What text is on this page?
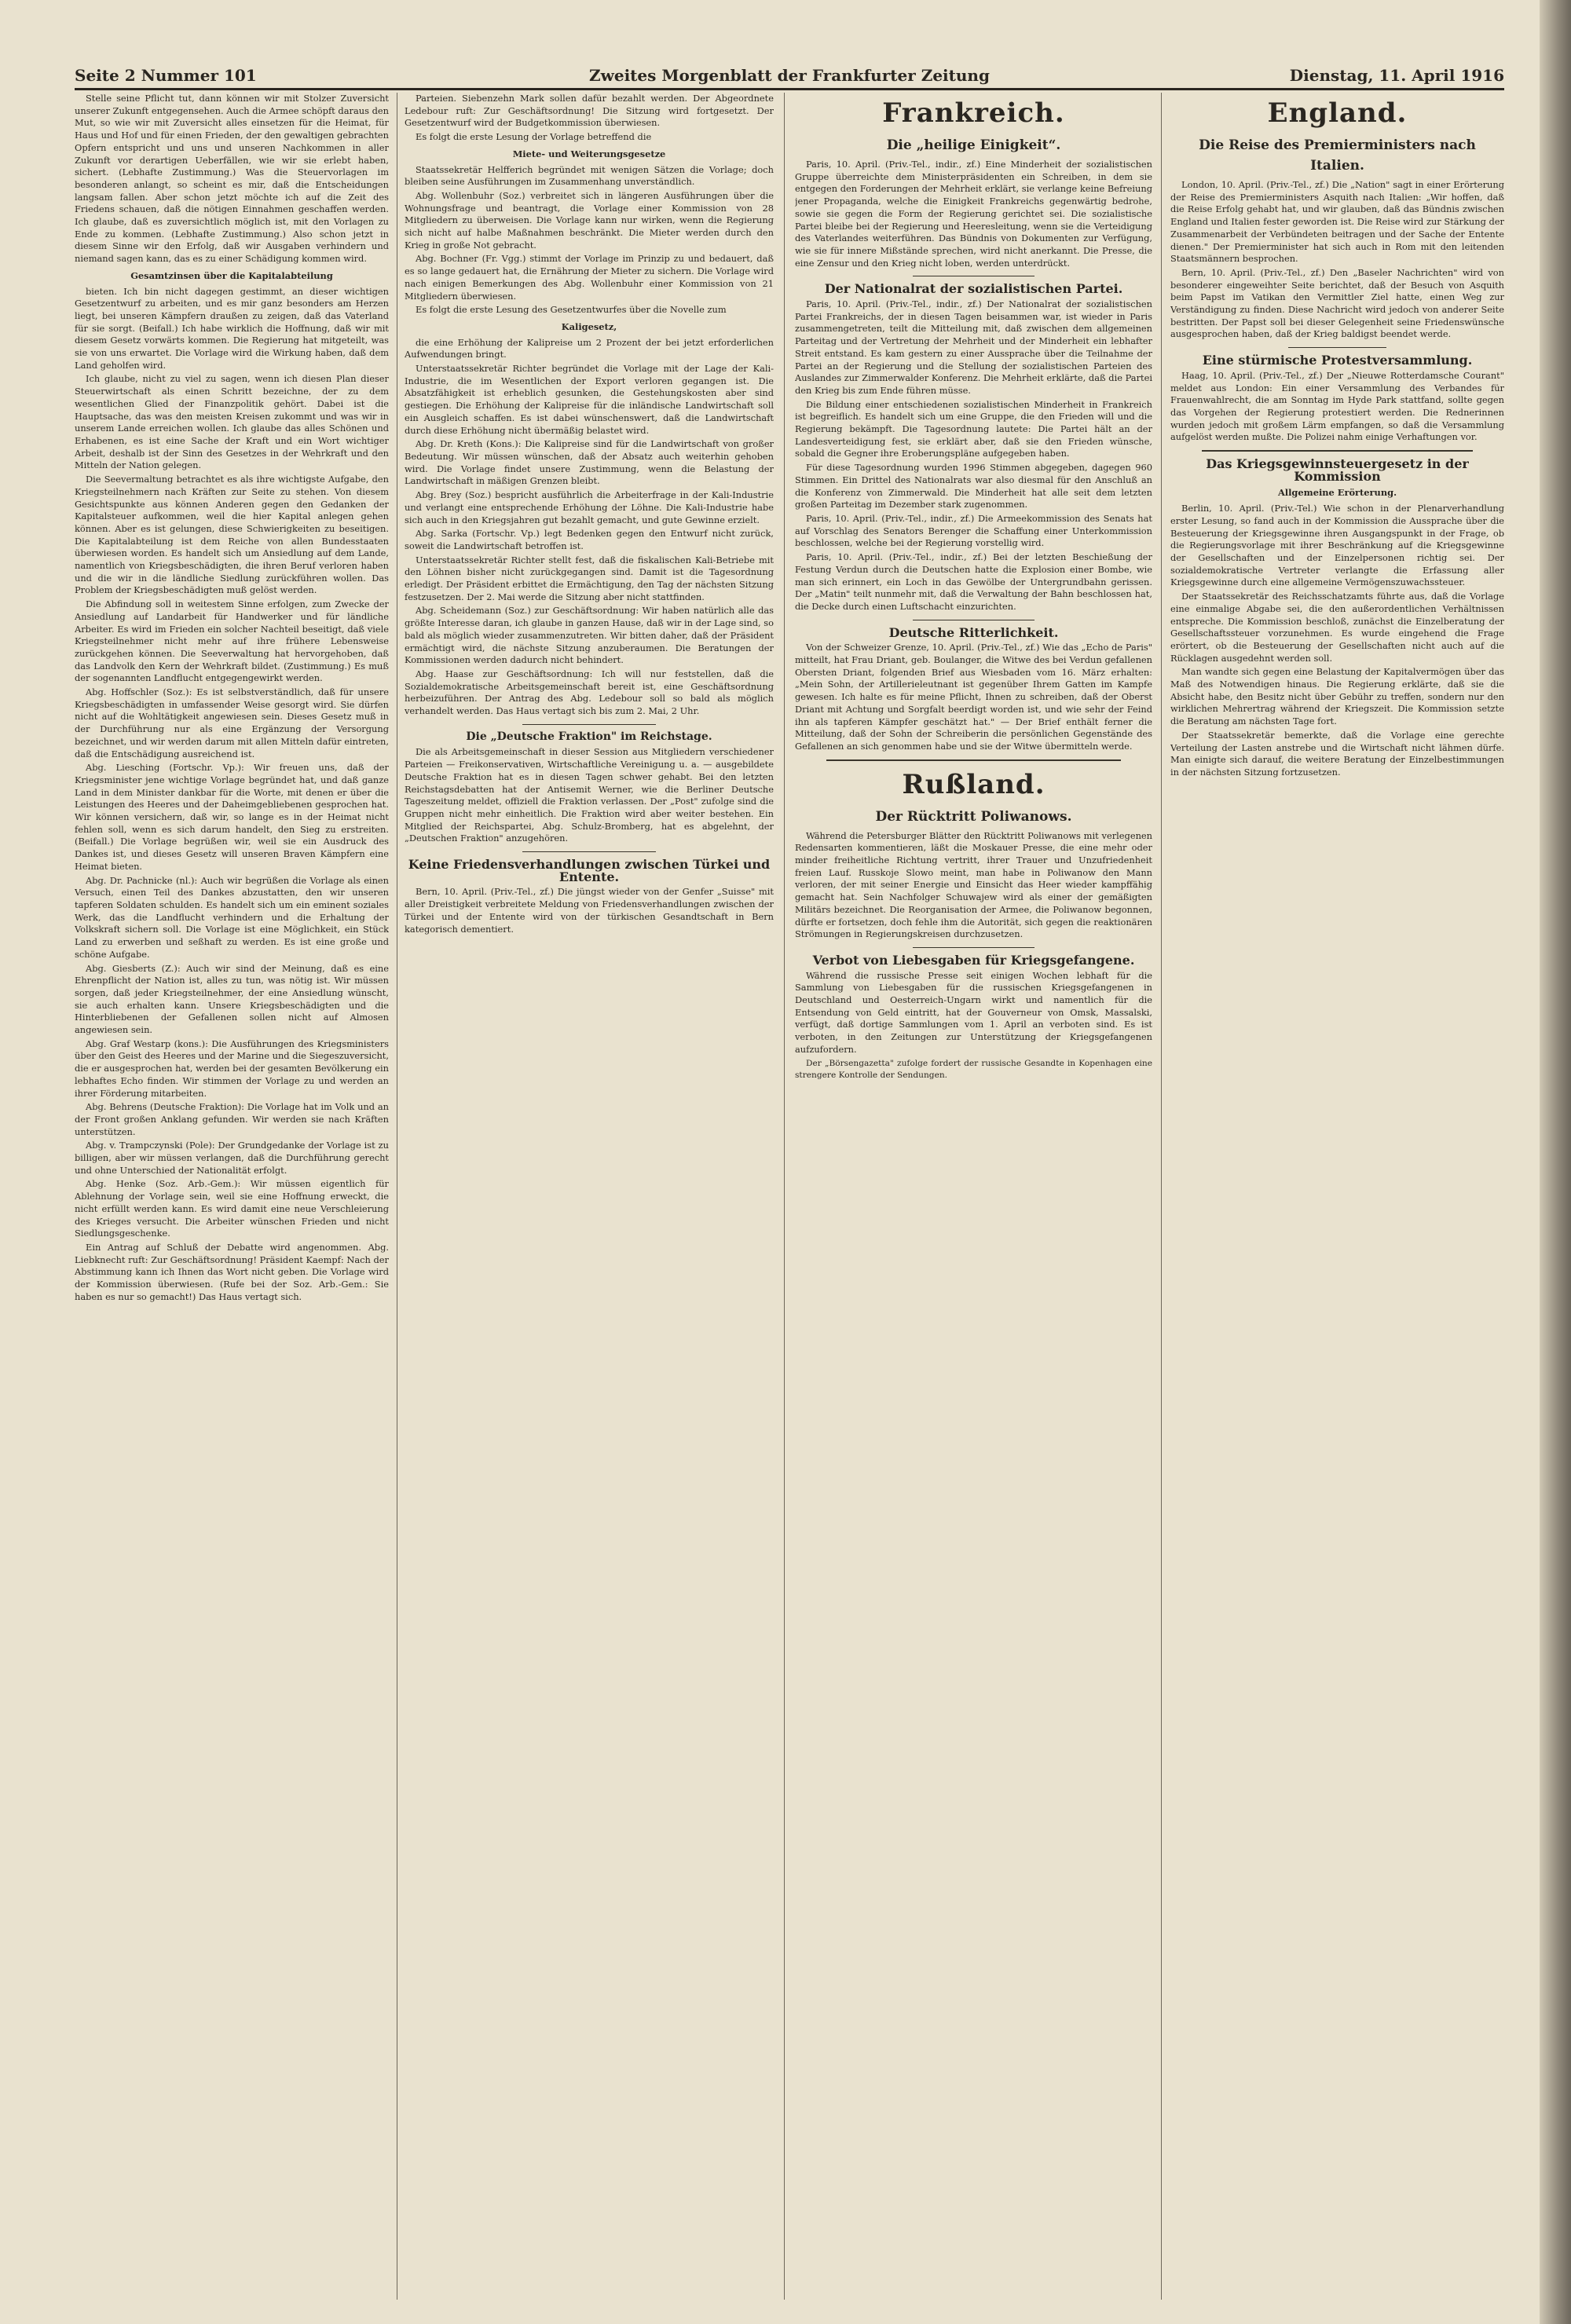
Seite 2 Nummer 101	Zweites Morgenblatt der Frankfurter Zeitung	Dienstag, 11. April 1916

Stelle seine Pflicht tut, dann können wir mit Stolzer Zuversicht unserer Zukunft entgegensehen. Auch die Armee schöpft daraus den Mut, so wie wir mit Zuversicht alles einsetzen für die Heimat, für Haus und Hof und für einen Frieden, der den gewaltigen gebrachten Opfern entspricht und uns und unseren Nachkommen in aller Zukunft vor derartigen Ueberfällen, wie wir sie erlebt haben, sichert. (Lebhafte Zustimmung.) Was die Steuervorlagen im besonderen anlangt, so scheint es mir, daß die Entscheidungen langsam fallen. Aber schon jetzt möchte ich auf die Zeit des Friedens schauen, daß die nötigen Einnahmen geschaffen werden. Ich glaube, daß es zuversichtlich möglich ist, mit den Vorlagen zu Ende zu kommen. (Lebhafte Zustimmung.) Also schon jetzt in diesem Sinne wir den Erfolg, daß wir Ausgaben verhindern und niemand sagen kann, das es zu einer Schädigung kommen wird.

Gesamtzinsen über die Kapitalabteilung

bieten. Ich bin nicht dagegen gestimmt, an dieser wichtigen Gesetzentwurf zu arbeiten, und es mir ganz besonders am Herzen liegt, bei unseren Kämpfern draußen zu zeigen, daß das Vaterland für sie sorgt. (Beifall.) Ich habe wirklich die Hoffnung, daß wir mit diesem Gesetz vorwärts kommen. Die Regierung hat mitgeteilt, was sie von uns erwartet. Die Vorlage wird die Wirkung haben, daß dem Land geholfen wird.

Ich glaube, nicht zu viel zu sagen, wenn ich diesen Plan dieser Steuerwirtschaft als einen Schritt bezeichne, der zu dem wesentlichen Glied der Finanzpolitik gehört. Dabei ist die Hauptsache, das was den meisten Kreisen zukommt und was wir in unserem Lande erreichen wollen. Ich glaube das alles Schönen und Erhabenen, es ist eine Sache der Kraft und ein Wort wichtiger Arbeit, deshalb ist der Sinn des Gesetzes in der Wehrkraft und den Mitteln der Nation gelegen.

Die Seevermaltung betrachtet es als ihre wichtigste Aufgabe, den Kriegsteilnehmern nach Kräften zur Seite zu stehen. Von diesem Gesichtspunkte aus können Anderen gegen den Gedanken der Kapitalsteuer aufkommen, weil die hier Kapital anlegen gehen können. Aber es ist gelungen, diese Schwierigkeiten zu beseitigen. Die Kapitalabteilung ist dem Reiche von allen Bundesstaaten überwiesen worden. Es handelt sich um Ansiedlung auf dem Lande, namentlich von Kriegsbeschädigten, die ihren Beruf verloren haben und die wir in die ländliche Siedlung zurückführen wollen. Das Problem der Kriegsbeschädigten muß gelöst werden.

Die Abfindung soll in weitestem Sinne erfolgen, zum Zwecke der Ansiedlung auf Landarbeit für Handwerker und für ländliche Arbeiter. Es wird im Frieden ein solcher Nachteil beseitigt, daß viele Kriegsteilnehmer nicht mehr auf ihre frühere Lebensweise zurückgehen können. Die Seeverwaltung hat hervorgehoben, daß das Landvolk den Kern der Wehrkraft bildet. (Zustimmung.) Es muß der sogenannten Landflucht entgegengewirkt werden.

Abg. Hoffschler (Soz.): Es ist selbstverständlich, daß für unsere Kriegsbeschädigten in umfassender Weise gesorgt wird. Sie dürfen nicht auf die Wohltätigkeit angewiesen sein. Dieses Gesetz muß in der Durchführung nur als eine Ergänzung der Versorgung bezeichnet, und wir werden darum mit allen Mitteln dafür eintreten, daß die Entschädigung ausreichend ist.

Abg. Liesching (Fortschr. Vp.): Wir freuen uns, daß der Kriegsminister jene wichtige Vorlage begründet hat, und daß ganze Land in dem Minister dankbar für die Worte, mit denen er über die Leistungen des Heeres und der Daheimgebliebenen gesprochen hat. Wir können versichern, daß wir, so lange es in der Heimat nicht fehlen soll, wenn es sich darum handelt, den Sieg zu erstreiten. (Beifall.) Die Vorlage begrüßen wir, weil sie ein Ausdruck des Dankes ist, und dieses Gesetz will unseren Braven Kämpfern eine Heimat bieten.

Abg. Dr. Pachnicke (nl.): Auch wir begrüßen die Vorlage als einen Versuch, einen Teil des Dankes abzustatten, den wir unseren tapferen Soldaten schulden. Es handelt sich um ein eminent soziales Werk, das die Landflucht verhindern und die Erhaltung der Volkskraft sichern soll. Die Vorlage ist eine Möglichkeit, ein Stück Land zu erwerben und seßhaft zu werden. Es ist eine große und schöne Aufgabe.

Abg. Giesberts (Z.): Auch wir sind der Meinung, daß es eine Ehrenpflicht der Nation ist, alles zu tun, was nötig ist. Wir müssen sorgen, daß jeder Kriegsteilnehmer, der eine Ansiedlung wünscht, sie auch erhalten kann. Unsere Kriegsbeschädigten und die Hinterbliebenen der Gefallenen sollen nicht auf Almosen angewiesen sein.

Abg. Graf Westarp (kons.): Die Ausführungen des Kriegsministers über den Geist des Heeres und der Marine und die Siegeszuversicht, die er ausgesprochen hat, werden bei der gesamten Bevölkerung ein lebhaftes Echo finden. Wir stimmen der Vorlage zu und werden an ihrer Förderung mitarbeiten.

Abg. Behrens (Deutsche Fraktion): Die Vorlage hat im Volk und an der Front großen Anklang gefunden. Wir werden sie nach Kräften unterstützen.

Abg. v. Trampczynski (Pole): Der Grundgedanke der Vorlage ist zu billigen, aber wir müssen verlangen, daß die Durchführung gerecht und ohne Unterschied der Nationalität erfolgt.

Abg. Henke (Soz. Arb.-Gem.): Wir müssen eigentlich für Ablehnung der Vorlage sein, weil sie eine Hoffnung erweckt, die nicht erfüllt werden kann. Es wird damit eine neue Verschleierung des Krieges versucht. Die Arbeiter wünschen Frieden und nicht Siedlungsgeschenke.

Ein Antrag auf Schluß der Debatte wird angenommen. Abg. Liebknecht ruft: Zur Geschäftsordnung! Präsident Kaempf: Nach der Abstimmung kann ich Ihnen das Wort nicht geben. Die Vorlage wird der Kommission überwiesen. (Rufe bei der Soz. Arb.-Gem.: Sie haben es nur so gemacht!) Das Haus vertagt sich.

Parteien. Siebenzehn Mark sollen dafür bezahlt werden. Der Abgeordnete Ledebour ruft: Zur Geschäftsordnung! Die Sitzung wird fortgesetzt. Der Gesetzentwurf wird der Budgetkommission überwiesen.

Es folgt die erste Lesung der Vorlage betreffend die

Miete- und Weiterungsgesetze

Staatssekretär Helfferich begründet mit wenigen Sätzen die Vorlage; doch bleiben seine Ausführungen im Zusammenhang unverständlich.

Abg. Wollenbuhr (Soz.) verbreitet sich in längeren Ausführungen über die Wohnungsfrage und beantragt, die Vorlage einer Kommission von 28 Mitgliedern zu überweisen. Die Vorlage kann nur wirken, wenn die Regierung sich nicht auf halbe Maßnahmen beschränkt. Die Mieter werden durch den Krieg in große Not gebracht.

Abg. Bochner (Fr. Vgg.) stimmt der Vorlage im Prinzip zu und bedauert, daß es so lange gedauert hat, die Ernährung der Mieter zu sichern. Die Vorlage wird nach einigen Bemerkungen des Abg. Wollenbuhr einer Kommission von 21 Mitgliedern überwiesen.

Es folgt die erste Lesung des Gesetzentwurfes über die Novelle zum

Kaligesetz,

die eine Erhöhung der Kalipreise um 2 Prozent der bei jetzt erforderlichen Aufwendungen bringt.

Unterstaatssekretär Richter begründet die Vorlage mit der Lage der Kali-Industrie, die im Wesentlichen der Export verloren gegangen ist. Die Absatzfähigkeit ist erheblich gesunken, die Gestehungskosten aber sind gestiegen. Die Erhöhung der Kalipreise für die inländische Landwirtschaft soll ein Ausgleich schaffen. Es ist dabei wünschenswert, daß die Landwirtschaft durch diese Erhöhung nicht übermäßig belastet wird.

Abg. Dr. Kreth (Kons.): Die Kalipreise sind für die Landwirtschaft von großer Bedeutung. Wir müssen wünschen, daß der Absatz auch weiterhin gehoben wird. Die Vorlage findet unsere Zustimmung, wenn die Belastung der Landwirtschaft in mäßigen Grenzen bleibt.

Abg. Brey (Soz.) bespricht ausführlich die Arbeiterfrage in der Kali-Industrie und verlangt eine entsprechende Erhöhung der Löhne. Die Kali-Industrie habe sich auch in den Kriegsjahren gut bezahlt gemacht, und gute Gewinne erzielt.

Abg. Sarka (Fortschr. Vp.) legt Bedenken gegen den Entwurf nicht zurück, soweit die Landwirtschaft betroffen ist.

Unterstaatssekretär Richter stellt fest, daß die fiskalischen Kali-Betriebe mit den Löhnen bisher nicht zurückgegangen sind. Damit ist die Tagesordnung erledigt. Der Präsident erbittet die Ermächtigung, den Tag der nächsten Sitzung festzusetzen. Der 2. Mai werde die Sitzung aber nicht stattfinden.

Abg. Scheidemann (Soz.) zur Geschäftsordnung: Wir haben natürlich alle das größte Interesse daran, ich glaube in ganzen Hause, daß wir in der Lage sind, so bald als möglich wieder zusammenzutreten. Wir bitten daher, daß der Präsident ermächtigt wird, die nächste Sitzung anzuberaumen. Die Beratungen der Kommissionen werden dadurch nicht behindert.

Abg. Haase zur Geschäftsordnung: Ich will nur feststellen, daß die Sozialdemokratische Arbeitsgemeinschaft bereit ist, eine Geschäftsordnung herbeizuführen. Der Antrag des Abg. Ledebour soll so bald als möglich verhandelt werden. Das Haus vertagt sich bis zum 2. Mai, 2 Uhr.

Die „Deutsche Fraktion" im Reichstage.

Die als Arbeitsgemeinschaft in dieser Session aus Mitgliedern verschiedener Parteien — Freikonservativen, Wirtschaftliche Vereinigung u. a. — ausgebildete Deutsche Fraktion hat es in diesen Tagen schwer gehabt. Bei den letzten Reichstagsdebatten hat der Antisemit Werner, wie die Berliner Deutsche Tageszeitung meldet, offiziell die Fraktion verlassen. Der „Post" zufolge sind die Gruppen nicht mehr einheitlich. Die Fraktion wird aber weiter bestehen. Ein Mitglied der Reichspartei, Abg. Schulz-Bromberg, hat es abgelehnt, der „Deutschen Fraktion" anzugehören.

Keine Friedensverhandlungen zwischen Türkei und Entente.

Bern, 10. April. (Priv.-Tel., zf.) Die jüngst wieder von der Genfer „Suisse" mit aller Dreistigkeit verbreitete Meldung von Friedensverhandlungen zwischen der Türkei und der Entente wird von der türkischen Gesandtschaft in Bern kategorisch dementiert.

Frankreich.
Die „heilige Einigkeit“.

Paris, 10. April. (Priv.-Tel., indir., zf.) Eine Minderheit der sozialistischen Gruppe überreichte dem Ministerpräsidenten ein Schreiben, in dem sie entgegen den Forderungen der Mehrheit erklärt, sie verlange keine Befreiung jener Propaganda, welche die Einigkeit Frankreichs gegenwärtig bedrohe, sowie sie gegen die Form der Regierung gerichtet sei. Die sozialistische Partei bleibe bei der Regierung und Heeresleitung, wenn sie die Verteidigung des Vaterlandes weiterführen. Das Bündnis von Dokumenten zur Verfügung, wie sie für innere Mißstände sprechen, wird nicht anerkannt. Die Presse, die eine Zensur und den Krieg nicht loben, werden unterdrückt.

Der Nationalrat der sozialistischen Partei.

Paris, 10. April. (Priv.-Tel., indir., zf.) Der Nationalrat der sozialistischen Partei Frankreichs, der in diesen Tagen beisammen war, ist wieder in Paris zusammengetreten, teilt die Mitteilung mit, daß zwischen dem allgemeinen Parteitag und der Vertretung der Mehrheit und der Minderheit ein lebhafter Streit entstand. Es kam gestern zu einer Aussprache über die Teilnahme der Partei an der Regierung und die Stellung der sozialistischen Parteien des Auslandes zur Zimmerwalder Konferenz. Die Mehrheit erklärte, daß die Partei den Krieg bis zum Ende führen müsse.

Die Bildung einer entschiedenen sozialistischen Minderheit in Frankreich ist begreiflich. Es handelt sich um eine Gruppe, die den Frieden will und die Regierung bekämpft. Die Tagesordnung lautete: Die Partei hält an der Landesverteidigung fest, sie erklärt aber, daß sie den Frieden wünsche, sobald die Gegner ihre Eroberungspläne aufgegeben haben.

Für diese Tagesordnung wurden 1996 Stimmen abgegeben, dagegen 960 Stimmen. Ein Drittel des Nationalrats war also diesmal für den Anschluß an die Konferenz von Zimmerwald. Die Minderheit hat alle seit dem letzten großen Parteitag im Dezember stark zugenommen.

Paris, 10. April. (Priv.-Tel., indir., zf.) Die Armeekommission des Senats hat auf Vorschlag des Senators Berenger die Schaffung einer Unterkommission beschlossen, welche bei der Regierung vorstellig wird.

Paris, 10. April. (Priv.-Tel., indir., zf.) Bei der letzten Beschießung der Festung Verdun durch die Deutschen hatte die Explosion einer Bombe, wie man sich erinnert, ein Loch in das Gewölbe der Untergrundbahn gerissen. Der „Matin" teilt nunmehr mit, daß die Verwaltung der Bahn beschlossen hat, die Decke durch einen Luftschacht einzurichten.

Deutsche Ritterlichkeit.

Von der Schweizer Grenze, 10. April. (Priv.-Tel., zf.) Wie das „Echo de Paris" mitteilt, hat Frau Driant, geb. Boulanger, die Witwe des bei Verdun gefallenen Obersten Driant, folgenden Brief aus Wiesbaden vom 16. März erhalten: „Mein Sohn, der Artillerieleutnant ist gegenüber Ihrem Gatten im Kampfe gewesen. Ich halte es für meine Pflicht, Ihnen zu schreiben, daß der Oberst Driant mit Achtung und Sorgfalt beerdigt worden ist, und wie sehr der Feind ihn als tapferen Kämpfer geschätzt hat." — Der Brief enthält ferner die Mitteilung, daß der Sohn der Schreiberin die persönlichen Gegenstände des Gefallenen an sich genommen habe und sie der Witwe übermitteln werde.

Rußland.
Der Rücktritt Poliwanows.

Während die Petersburger Blätter den Rücktritt Poliwanows mit verlegenen Redensarten kommentieren, läßt die Moskauer Presse, die eine mehr oder minder freiheitliche Richtung vertritt, ihrer Trauer und Unzufriedenheit freien Lauf. Russkoje Slowo meint, man habe in Poliwanow den Mann verloren, der mit seiner Energie und Einsicht das Heer wieder kampffähig gemacht hat. Sein Nachfolger Schuwajew wird als einer der gemäßigten Militärs bezeichnet. Die Reorganisation der Armee, die Poliwanow begonnen, dürfte er fortsetzen, doch fehle ihm die Autorität, sich gegen die reaktionären Strömungen in Regierungskreisen durchzusetzen.

Verbot von Liebesgaben für Kriegsgefangene.

Während die russische Presse seit einigen Wochen lebhaft für die Sammlung von Liebesgaben für die russischen Kriegsgefangenen in Deutschland und Oesterreich-Ungarn wirkt und namentlich für die Entsendung von Geld eintritt, hat der Gouverneur von Omsk, Massalski, verfügt, daß dortige Sammlungen vom 1. April an verboten sind. Es ist verboten, in den Zeitungen zur Unterstützung der Kriegsgefangenen aufzufordern.

Der „Börsengazetta" zufolge fordert der russische Gesandte in Kopenhagen eine strengere Kontrolle der Sendungen.

England.
Die Reise des Premierministers nach Italien.

London, 10. April. (Priv.-Tel., zf.) Die „Nation" sagt in einer Erörterung der Reise des Premierministers Asquith nach Italien: „Wir hoffen, daß die Reise Erfolg gehabt hat, und wir glauben, daß das Bündnis zwischen England und Italien fester geworden ist. Die Reise wird zur Stärkung der Zusammenarbeit der Verbündeten beitragen und der Sache der Entente dienen." Der Premierminister hat sich auch in Rom mit den leitenden Staatsmännern besprochen.

Bern, 10. April. (Priv.-Tel., zf.) Den „Baseler Nachrichten" wird von besonderer eingeweihter Seite berichtet, daß der Besuch von Asquith beim Papst im Vatikan den Vermittler Ziel hatte, einen Weg zur Verständigung zu finden. Diese Nachricht wird jedoch von anderer Seite bestritten. Der Papst soll bei dieser Gelegenheit seine Friedenswünsche ausgesprochen haben, daß der Krieg baldigst beendet werde.

Eine stürmische Protestversammlung.

Haag, 10. April. (Priv.-Tel., zf.) Der „Nieuwe Rotterdamsche Courant" meldet aus London: Ein einer Versammlung des Verbandes für Frauenwahlrecht, die am Sonntag im Hyde Park stattfand, sollte gegen das Vorgehen der Regierung protestiert werden. Die Rednerinnen wurden jedoch mit großem Lärm empfangen, so daß die Versammlung aufgelöst werden mußte. Die Polizei nahm einige Verhaftungen vor.

Das Kriegsgewinnsteuergesetz in der Kommission

Allgemeine Erörterung.

Berlin, 10. April. (Priv.-Tel.) Wie schon in der Plenarverhandlung erster Lesung, so fand auch in der Kommission die Aussprache über die Besteuerung der Kriegsgewinne ihren Ausgangspunkt in der Frage, ob die Regierungsvorlage mit ihrer Beschränkung auf die Kriegsgewinne der Gesellschaften und der Einzelpersonen richtig sei. Der sozialdemokratische Vertreter verlangte die Erfassung aller Kriegsgewinne durch eine allgemeine Vermögenszuwachssteuer.

Der Staatssekretär des Reichsschatzamts führte aus, daß die Vorlage eine einmalige Abgabe sei, die den außerordentlichen Verhältnissen entspreche. Die Kommission beschloß, zunächst die Einzelberatung der Gesellschaftssteuer vorzunehmen. Es wurde eingehend die Frage erörtert, ob die Besteuerung der Gesellschaften nicht auch auf die Rücklagen ausgedehnt werden soll.

Man wandte sich gegen eine Belastung der Kapitalvermögen über das Maß des Notwendigen hinaus. Die Regierung erklärte, daß sie die Absicht habe, den Besitz nicht über Gebühr zu treffen, sondern nur den wirklichen Mehrertrag während der Kriegszeit. Die Kommission setzte die Beratung am nächsten Tage fort.

Der Staatssekretär bemerkte, daß die Vorlage eine gerechte Verteilung der Lasten anstrebe und die Wirtschaft nicht lähmen dürfe. Man einigte sich darauf, die weitere Beratung der Einzelbestimmungen in der nächsten Sitzung fortzusetzen.
